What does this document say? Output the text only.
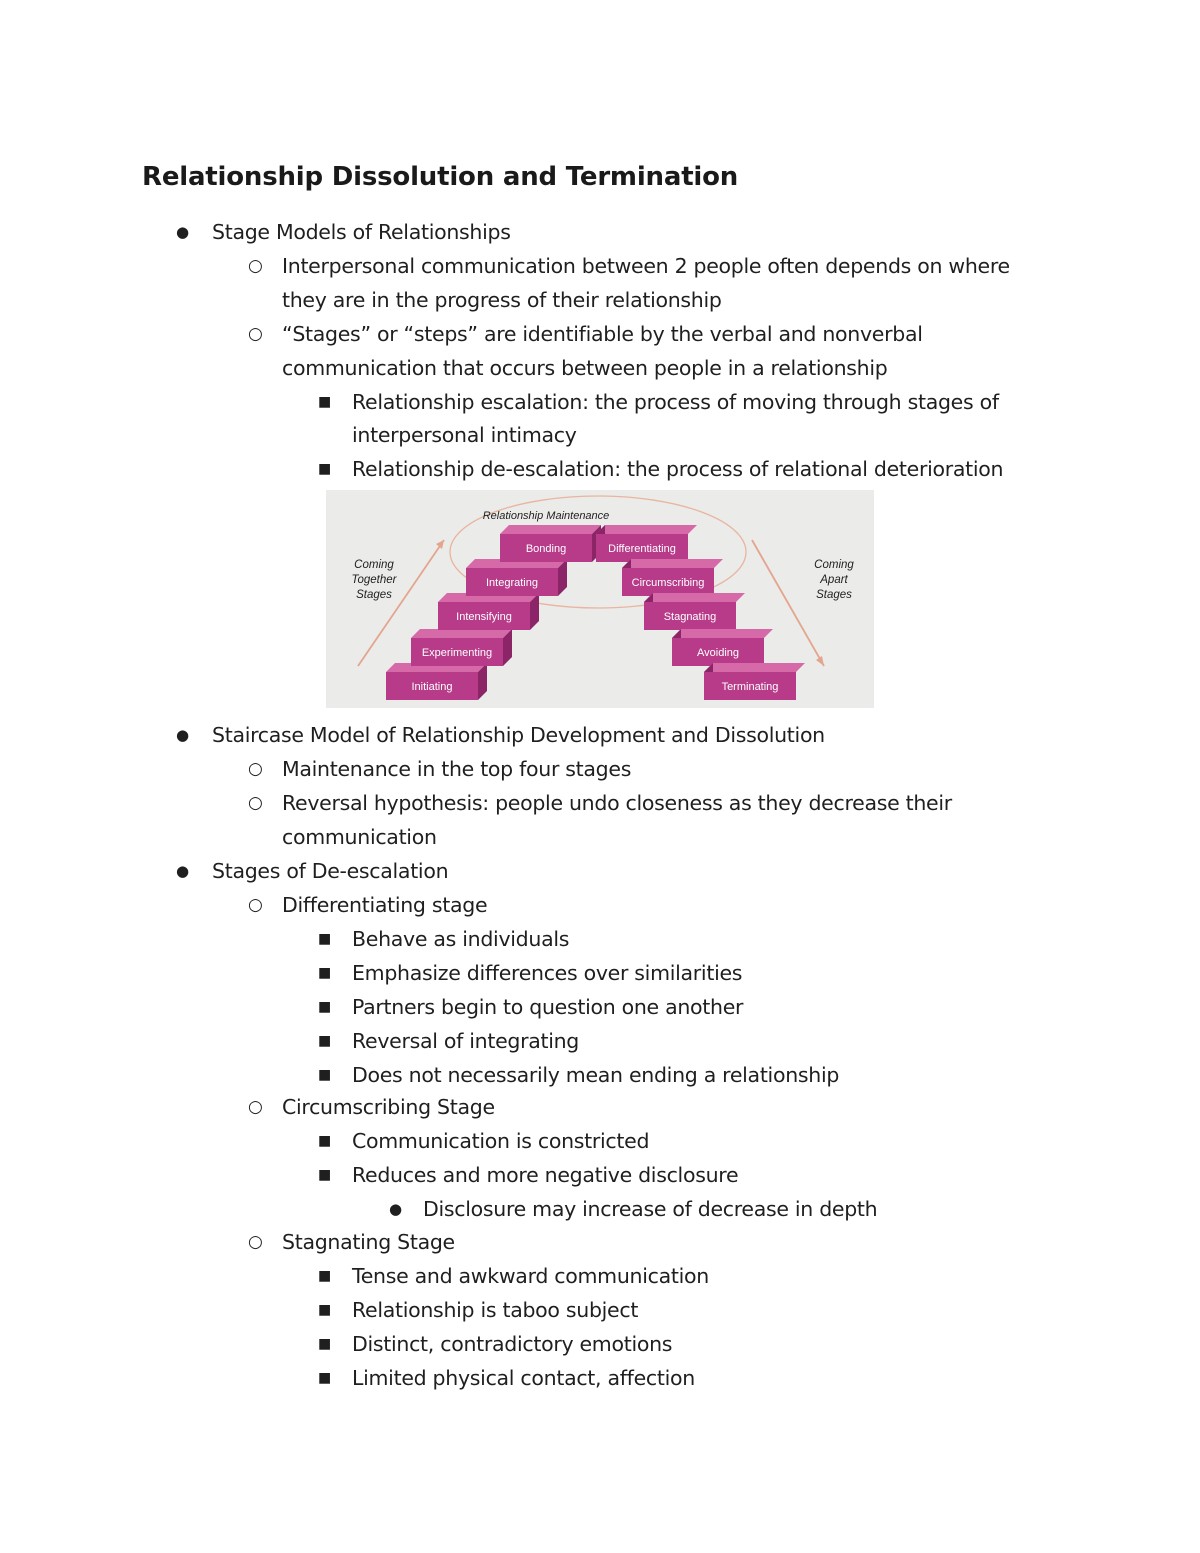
Relationship Dissolution and Termination
● Stage Models of Relationships
○ Interpersonal communication between 2 people often depends on where
they are in the progress of their relationship
○ “Stages” or “steps” are identifiable by the verbal and nonverbal
communication that occurs between people in a relationship
■ Relationship escalation: the process of moving through stages of
interpersonal intimacy
■ Relationship de-escalation: the process of relational deterioration
● Staircase Model of Relationship Development and Dissolution
○ Maintenance in the top four stages
○ Reversal hypothesis: people undo closeness as they decrease their
communication
● Stages of De-escalation
○ Differentiating stage
■ Behave as individuals
■ Emphasize differences over similarities
■ Partners begin to question one another
■ Reversal of integrating
■ Does not necessarily mean ending a relationship
○ Circumscribing Stage
■ Communication is constricted
■ Reduces and more negative disclosure
● Disclosure may increase of decrease in depth
○ Stagnating Stage
■ Tense and awkward communication
■ Relationship is taboo subject
■ Distinct, contradictory emotions
■ Limited physical contact, affection
Relationship Maintenance
Coming
Together
Stages
Coming
Apart
Stages
Initiating
Experimenting
Intensifying
Integrating
Bonding	Differentiating
Circumscribing
Stagnating
Avoiding
Terminating
